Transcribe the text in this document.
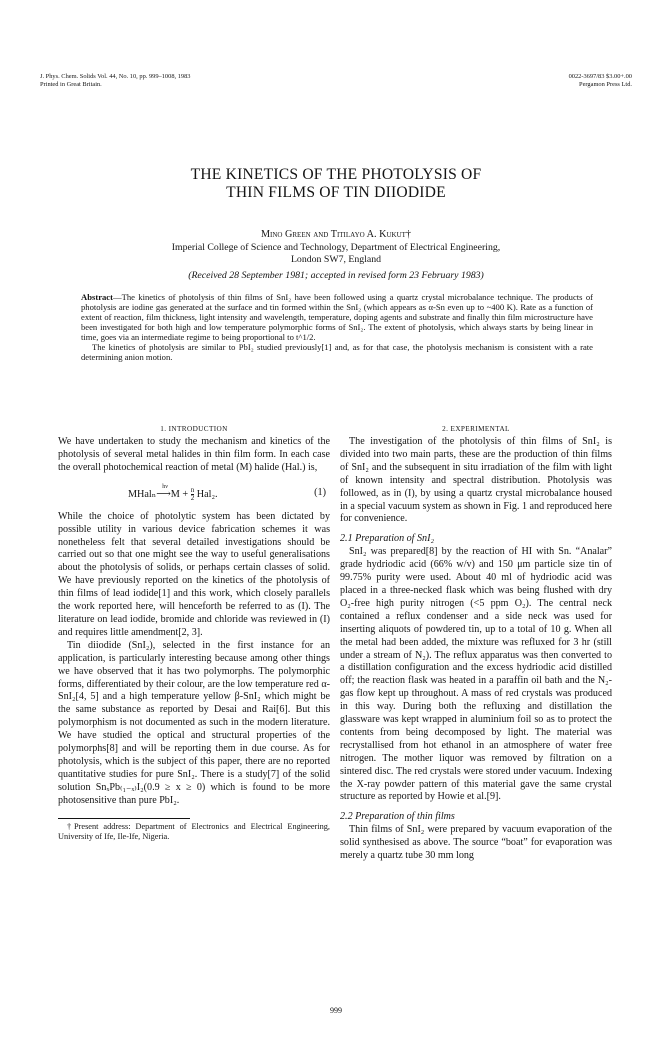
J. Phys. Chem. Solids Vol. 44, No. 10, pp. 999–1008, 1983
Printed in Great Britain.
0022-3697/83 $3.00+.00
Pergamon Press Ltd.
THE KINETICS OF THE PHOTOLYSIS OF
THIN FILMS OF TIN DIIODIDE
Mino Green and Titilayo A. Kukut†
Imperial College of Science and Technology, Department of Electrical Engineering,
London SW7, England
(Received 28 September 1981; accepted in revised form 23 February 1983)

Abstract—The kinetics of photolysis of thin films of SnI₂ have been followed using a quartz crystal microbalance technique. The products of photolysis are iodine gas generated at the surface and tin formed within the SnI₂ (which appears as α-Sn even up to ~400 K). Rate as a function of extent of reaction, film thickness, light intensity and wavelength, temperature, doping agents and substrate and finally thin film microstructure have been investigated for both high and low temperature polymorphic forms of SnI₂. The extent of photolysis, which always starts by being linear in time, goes via an intermediate regime to being proportional to t^1/2.

The kinetics of photolysis are similar to PbI₂ studied previously[1] and, as for that case, the photolysis mechanism is consistent with a rate determining anion motion.

1. INTRODUCTION

We have undertaken to study the mechanism and kinetics of the photolysis of several metal halides in thin film form. In each case the overall photochemical reaction of metal (M) halide (Hal.) is,

MHalₙ
hν
⟶M + $\frac{n}{2} Hal_2$.	(1)

While the choice of photolytic system has been dictated by possible utility in various device fabrication schemes it was nonetheless felt that several detailed investigations should be carried out so that one might see the way to useful generalisations about the photolysis of solids, or perhaps certain classes of solid. We have previously reported on the kinetics of the photolysis of thin films of lead iodide[1] and this work, which closely parallels the work reported here, will henceforth be referred to as (I). The literature on lead iodide, bromide and chloride was reviewed in (I) and requires little amendment[2, 3].

Tin diiodide (SnI₂), selected in the first instance for an application, is particularly interesting because among other things we have observed that it has two polymorphs. The polymorphic forms, differentiated by their colour, are the low temperature red α-SnI₂[4, 5] and a high temperature yellow β-SnI₂ which might be the same substance as reported by Desai and Rai[6]. But this polymorphism is not documented as such in the modern literature. We have studied the optical and structural properties of the polymorphs[8] and will be reporting them in due course. As for photolysis, which is the subject of this paper, there are no reported quantitative studies for pure SnI₂. There is a study[7] of the solid solution SnₓPb₍₁₋ₓ₎I₂(0.9 ≥ x ≥ 0) which is found to be more photosensitive than pure PbI₂.

†Present address: Department of Electronics and Electrical Engineering, University of Ife, Ile-Ife, Nigeria.

2. EXPERIMENTAL

The investigation of the photolysis of thin films of SnI₂ is divided into two main parts, these are the production of thin films of SnI₂ and the subsequent in situ irradiation of the film with light of known intensity and spectral distribution. Photolysis was followed, as in (I), by using a quartz crystal microbalance housed in a special vacuum system as shown in Fig. 1 and reproduced here for convenience.

2.1 Preparation of SnI₂

SnI₂ was prepared[8] by the reaction of HI with Sn. “Analar” grade hydriodic acid (66% w/v) and 150 μm particle size tin of 99.75% purity were used. About 40 ml of hydriodic acid was placed in a three-necked flask which was being flushed with dry O₂-free high purity nitrogen (<5 ppm O₂). The central neck contained a reflux condenser and a side neck was used for inserting aliquots of powdered tin, up to a total of 10 g. When all the metal had been added, the mixture was refluxed for 3 hr (still under a stream of N₂). The reflux apparatus was then converted to a distillation configuration and the excess hydriodic acid distilled off; the reaction flask was heated in a paraffin oil bath and the N₂-gas flow kept up throughout. A mass of red crystals was produced in this way. During both the refluxing and distillation the glassware was kept wrapped in aluminium foil so as to protect the contents from being decomposed by light. The material was recrystallised from hot ethanol in an atmosphere of water free nitrogen. The mother liquor was removed by filtration on a sintered disc. The red crystals were stored under vacuum. Indexing the X-ray powder pattern of this material gave the same crystal structure as reported by Howie et al.[9].

2.2 Preparation of thin films

Thin films of SnI₂ were prepared by vacuum evaporation of the solid synthesised as above. The source “boat” for evaporation was merely a quartz tube 30 mm long

999
